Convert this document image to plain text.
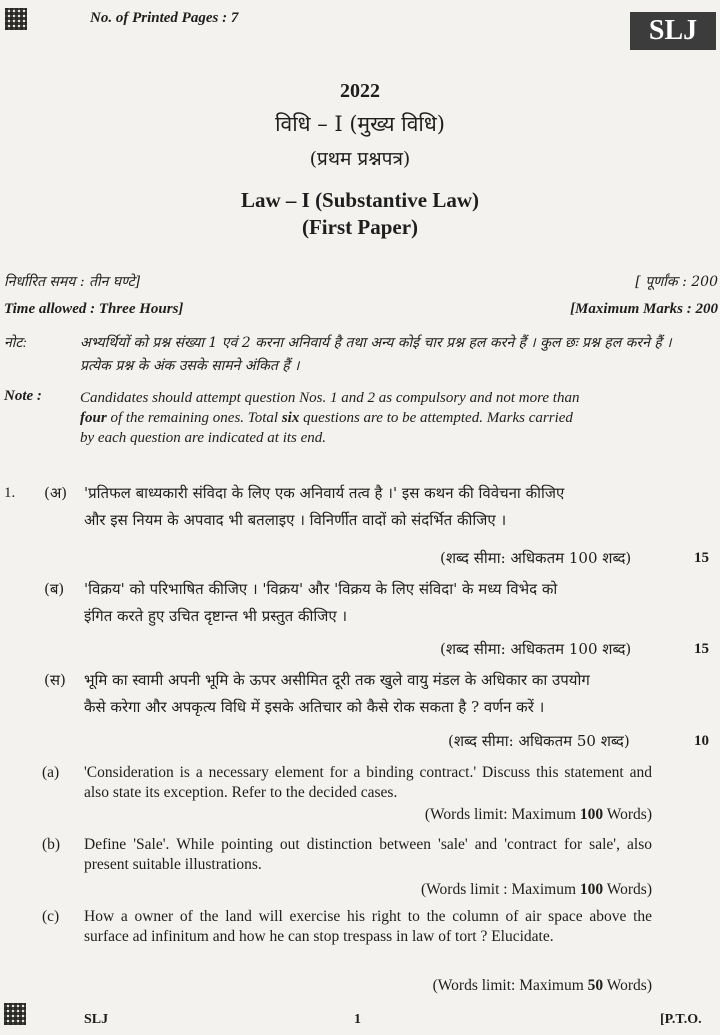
No. of Printed Pages : 7	SLJ
2022
विधि – I (मुख्य विधि)
(प्रथम प्रश्नपत्र)
Law – I (Substantive Law)
(First Paper)
निर्धारित समय : तीन घण्टे]	[ पूर्णांक : 200
Time allowed : Three Hours]	[Maximum Marks : 200
नोट:	अभ्यर्थियों को प्रश्न संख्या 1 एवं 2 करना अनिवार्य है तथा अन्य कोई चार प्रश्न हल करने हैं । कुल छः प्रश्न हल करने हैं । प्रत्येक प्रश्न के अंक उसके सामने अंकित हैं ।
Note :	Candidates should attempt question Nos. 1 and 2 as compulsory and not more than
four of the remaining ones. Total six questions are to be attempted. Marks carried
by each question are indicated at its end.
1. (अ) 'प्रतिफल बाध्यकारी संविदा के लिए एक अनिवार्य तत्व है ।' इस कथन की विवेचना कीजिए
और इस नियम के अपवाद भी बतलाइए । विनिर्णीत वादों को संदर्भित कीजिए ।
(शब्द सीमा: अधिकतम 100 शब्द)	15
(ब) 'विक्रय' को परिभाषित कीजिए । 'विक्रय' और 'विक्रय के लिए संविदा' के मध्य विभेद को
इंगित करते हुए उचित दृष्टान्त भी प्रस्तुत कीजिए ।
(शब्द सीमा: अधिकतम 100 शब्द)	15
(स) भूमि का स्वामी अपनी भूमि के ऊपर असीमित दूरी तक खुले वायु मंडल के अधिकार का उपयोग
कैसे करेगा और अपकृत्य विधि में इसके अतिचार को कैसे रोक सकता है ? वर्णन करें ।
(शब्द सीमा: अधिकतम 50 शब्द)	10
(a) 'Consideration is a necessary element for a binding contract.' Discuss this statement and also state its exception. Refer to the decided cases.
(Words limit: Maximum 100 Words)
(b) Define 'Sale'. While pointing out distinction between 'sale' and 'contract for sale', also present suitable illustrations.
(Words limit : Maximum 100 Words)
(c) How a owner of the land will exercise his right to the column of air space above the surface ad infinitum and how he can stop trespass in law of tort ? Elucidate.
(Words limit: Maximum 50 Words)
SLJ	1	[P.T.O.
